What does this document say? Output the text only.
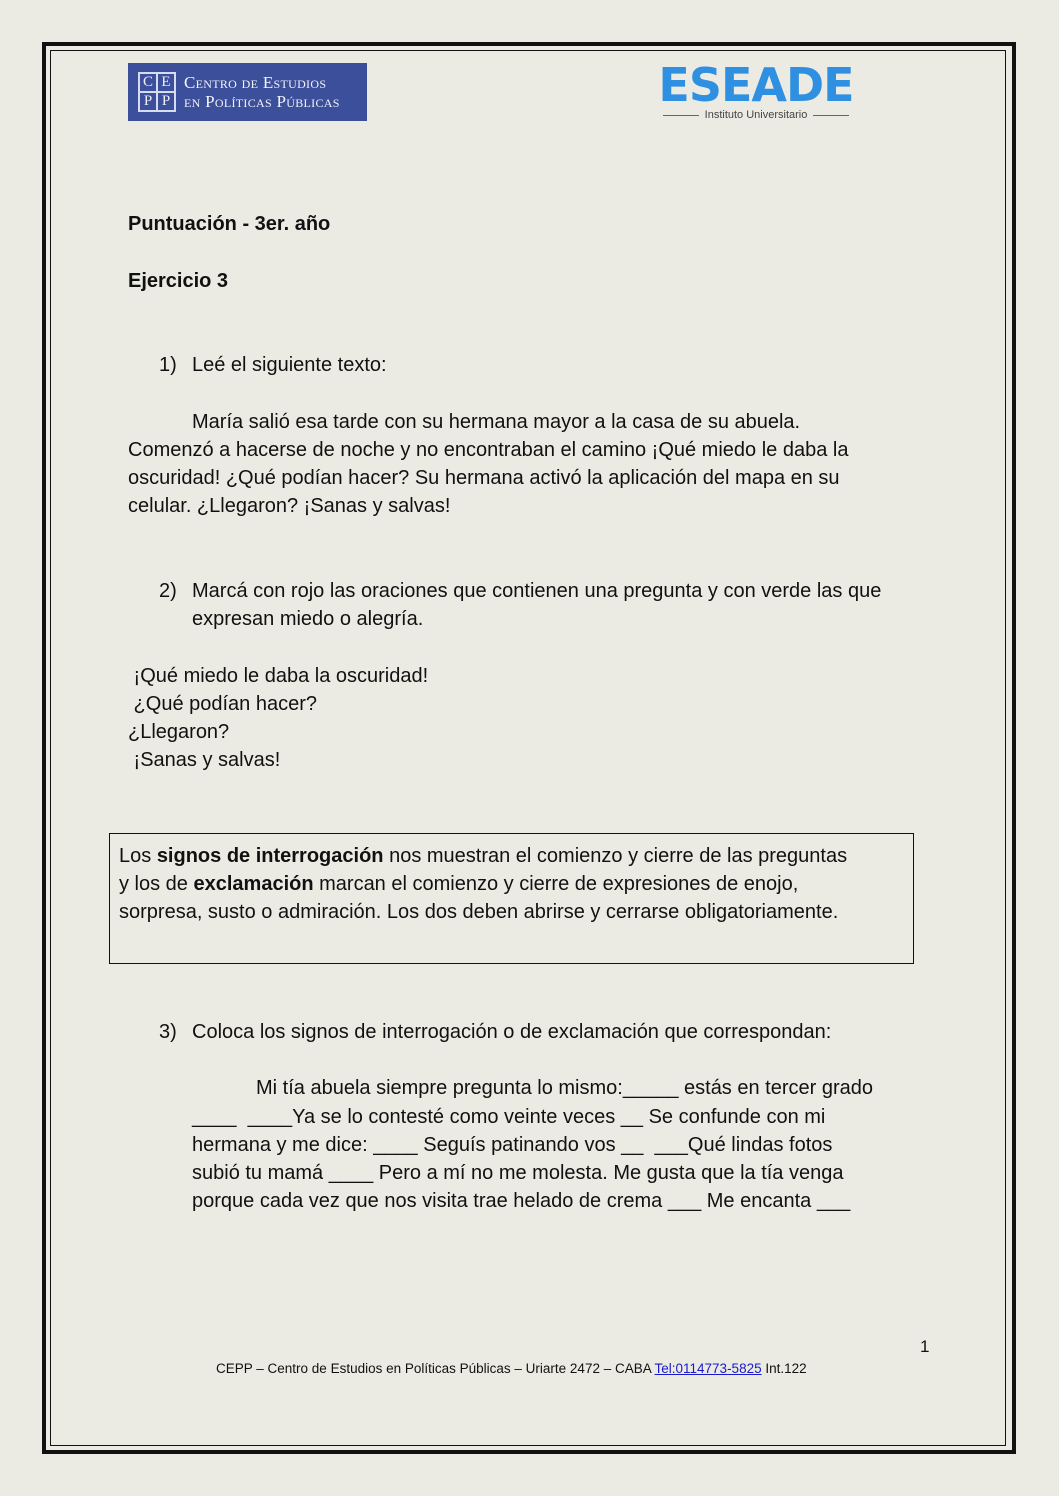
C E
P P
Centro de Estudios
en Políticas Públicas	ESEADE
Instituto Universitario
Puntuación - 3er. año
Ejercicio 3
1) Leé el siguiente texto:
María salió esa tarde con su hermana mayor a la casa de su abuela.
Comenzó a hacerse de noche y no encontraban el camino ¡Qué miedo le daba la
oscuridad! ¿Qué podían hacer? Su hermana activó la aplicación del mapa en su
celular. ¿Llegaron? ¡Sanas y salvas!
2) Marcá con rojo las oraciones que contienen una pregunta y con verde las que
expresan miedo o alegría.
¡Qué miedo le daba la oscuridad!
¿Qué podían hacer?
¿Llegaron?
¡Sanas y salvas!
Los signos de interrogación nos muestran el comienzo y cierre de las preguntas
y los de exclamación marcan el comienzo y cierre de expresiones de enojo,
sorpresa, susto o admiración. Los dos deben abrirse y cerrarse obligatoriamente.
3) Coloca los signos de interrogación o de exclamación que correspondan:
Mi tía abuela siempre pregunta lo mismo:_____ estás en tercer grado
____  ____Ya se lo contesté como veinte veces __ Se confunde con mi
hermana y me dice: ____ Seguís patinando vos __  ___Qué lindas fotos
subió tu mamá ____ Pero a mí no me molesta. Me gusta que la tía venga
porque cada vez que nos visita trae helado de crema ___ Me encanta ___
1
CEPP – Centro de Estudios en Políticas Públicas – Uriarte 2472 – CABA Tel:0114773-5825 Int.122
